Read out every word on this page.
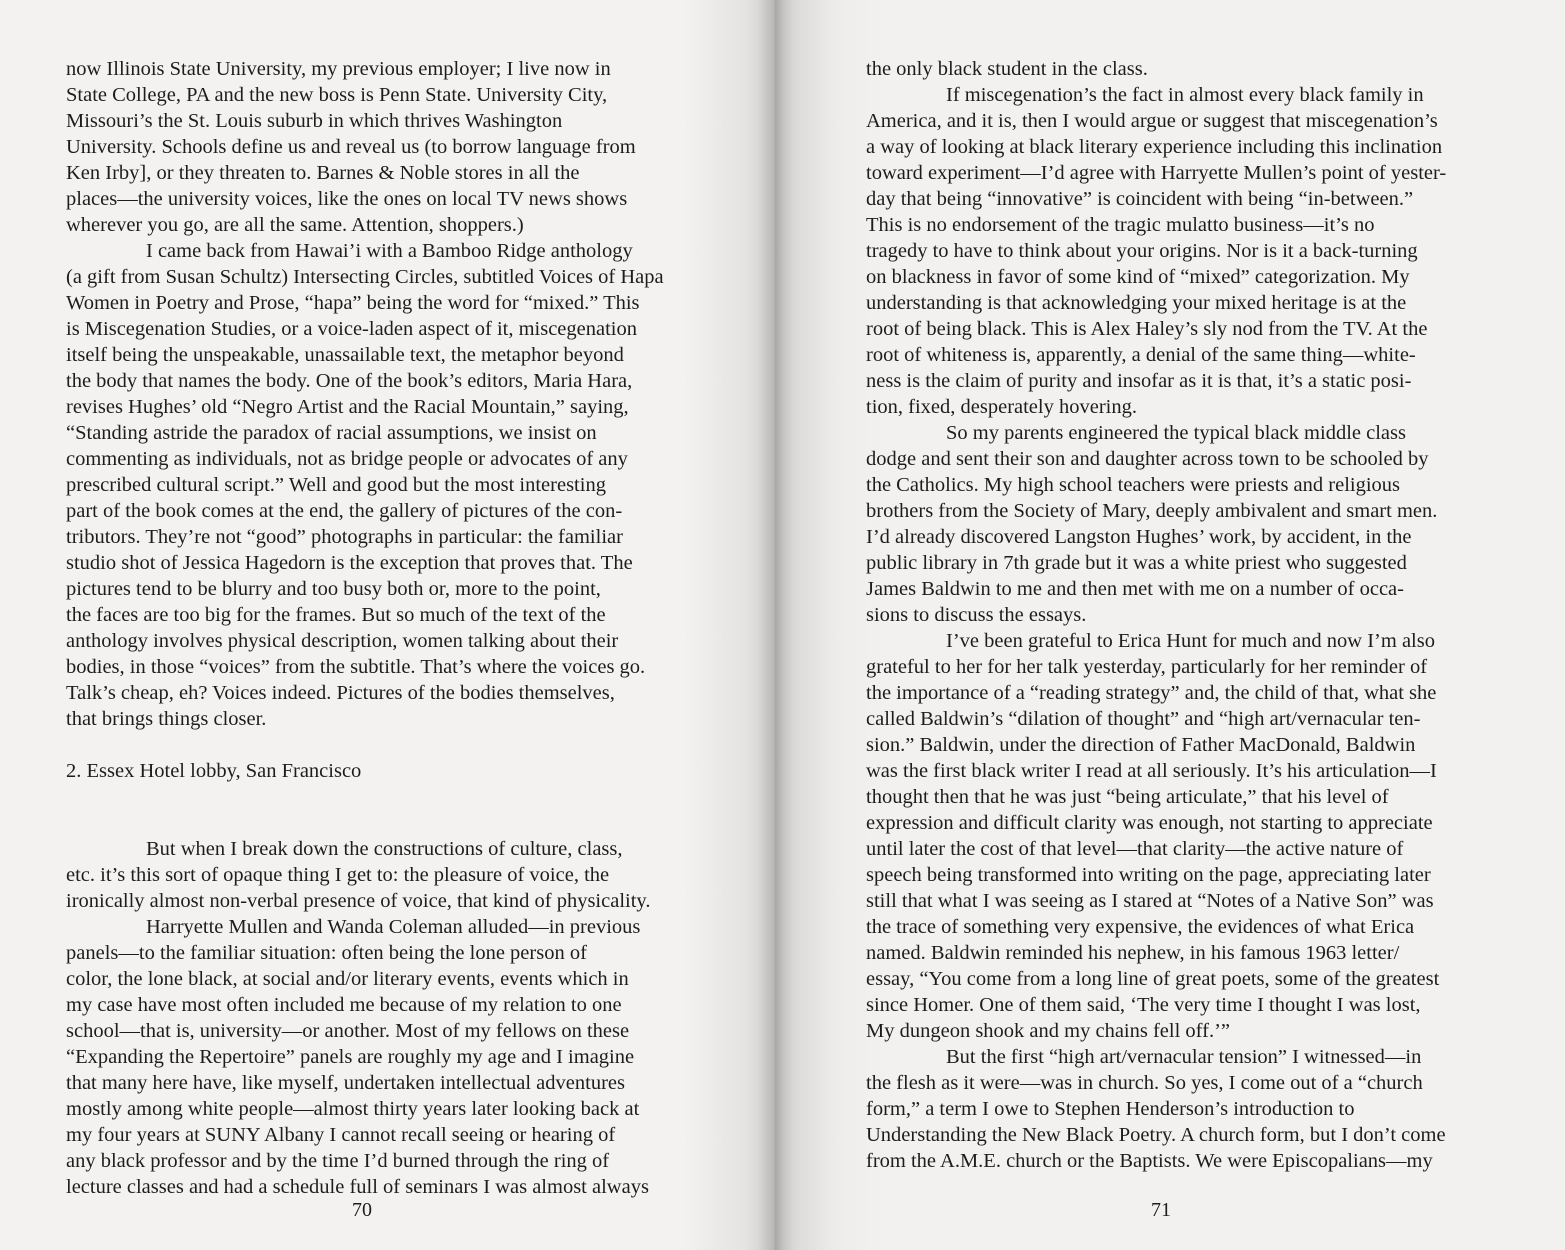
now Illinois State University, my previous employer; I live now in
State College, PA and the new boss is Penn State. University City,
Missouri’s the St. Louis suburb in which thrives Washington
University. Schools define us and reveal us (to borrow language from
Ken Irby], or they threaten to. Barnes & Noble stores in all the
places—the university voices, like the ones on local TV news shows
wherever you go, are all the same. Attention, shoppers.)
I came back from Hawai’i with a Bamboo Ridge anthology
(a gift from Susan Schultz) Intersecting Circles, subtitled Voices of Hapa
Women in Poetry and Prose, “hapa” being the word for “mixed.” This
is Miscegenation Studies, or a voice-laden aspect of it, miscegenation
itself being the unspeakable, unassailable text, the metaphor beyond
the body that names the body. One of the book’s editors, Maria Hara,
revises Hughes’ old “Negro Artist and the Racial Mountain,” saying,
“Standing astride the paradox of racial assumptions, we insist on
commenting as individuals, not as bridge people or advocates of any
prescribed cultural script.” Well and good but the most interesting
part of the book comes at the end, the gallery of pictures of the con-
tributors. They’re not “good” photographs in particular: the familiar
studio shot of Jessica Hagedorn is the exception that proves that. The
pictures tend to be blurry and too busy both or, more to the point,
the faces are too big for the frames. But so much of the text of the
anthology involves physical description, women talking about their
bodies, in those “voices” from the subtitle. That’s where the voices go.
Talk’s cheap, eh? Voices indeed. Pictures of the bodies themselves,
that brings things closer.
2. Essex Hotel lobby, San Francisco
But when I break down the constructions of culture, class,
etc. it’s this sort of opaque thing I get to: the pleasure of voice, the
ironically almost non-verbal presence of voice, that kind of physicality.
Harryette Mullen and Wanda Coleman alluded—in previous
panels—to the familiar situation: often being the lone person of
color, the lone black, at social and/or literary events, events which in
my case have most often included me because of my relation to one
school—that is, university—or another. Most of my fellows on these
“Expanding the Repertoire” panels are roughly my age and I imagine
that many here have, like myself, undertaken intellectual adventures
mostly among white people—almost thirty years later looking back at
my four years at SUNY Albany I cannot recall seeing or hearing of
any black professor and by the time I’d burned through the ring of
lecture classes and had a schedule full of seminars I was almost always
70
the only black student in the class.
If miscegenation’s the fact in almost every black family in
America, and it is, then I would argue or suggest that miscegenation’s
a way of looking at black literary experience including this inclination
toward experiment—I’d agree with Harryette Mullen’s point of yester-
day that being “innovative” is coincident with being “in-between.”
This is no endorsement of the tragic mulatto business—it’s no
tragedy to have to think about your origins. Nor is it a back-turning
on blackness in favor of some kind of “mixed” categorization. My
understanding is that acknowledging your mixed heritage is at the
root of being black. This is Alex Haley’s sly nod from the TV. At the
root of whiteness is, apparently, a denial of the same thing—white-
ness is the claim of purity and insofar as it is that, it’s a static posi-
tion, fixed, desperately hovering.
So my parents engineered the typical black middle class
dodge and sent their son and daughter across town to be schooled by
the Catholics. My high school teachers were priests and religious
brothers from the Society of Mary, deeply ambivalent and smart men.
I’d already discovered Langston Hughes’ work, by accident, in the
public library in 7th grade but it was a white priest who suggested
James Baldwin to me and then met with me on a number of occa-
sions to discuss the essays.
I’ve been grateful to Erica Hunt for much and now I’m also
grateful to her for her talk yesterday, particularly for her reminder of
the importance of a “reading strategy” and, the child of that, what she
called Baldwin’s “dilation of thought” and “high art/vernacular ten-
sion.” Baldwin, under the direction of Father MacDonald, Baldwin
was the first black writer I read at all seriously. It’s his articulation—I
thought then that he was just “being articulate,” that his level of
expression and difficult clarity was enough, not starting to appreciate
until later the cost of that level—that clarity—the active nature of
speech being transformed into writing on the page, appreciating later
still that what I was seeing as I stared at “Notes of a Native Son” was
the trace of something very expensive, the evidences of what Erica
named. Baldwin reminded his nephew, in his famous 1963 letter/
essay, “You come from a long line of great poets, some of the greatest
since Homer. One of them said, ‘The very time I thought I was lost,
My dungeon shook and my chains fell off.’”
But the first “high art/vernacular tension” I witnessed—in
the flesh as it were—was in church. So yes, I come out of a “church
form,” a term I owe to Stephen Henderson’s introduction to
Understanding the New Black Poetry. A church form, but I don’t come
from the A.M.E. church or the Baptists. We were Episcopalians—my
71
